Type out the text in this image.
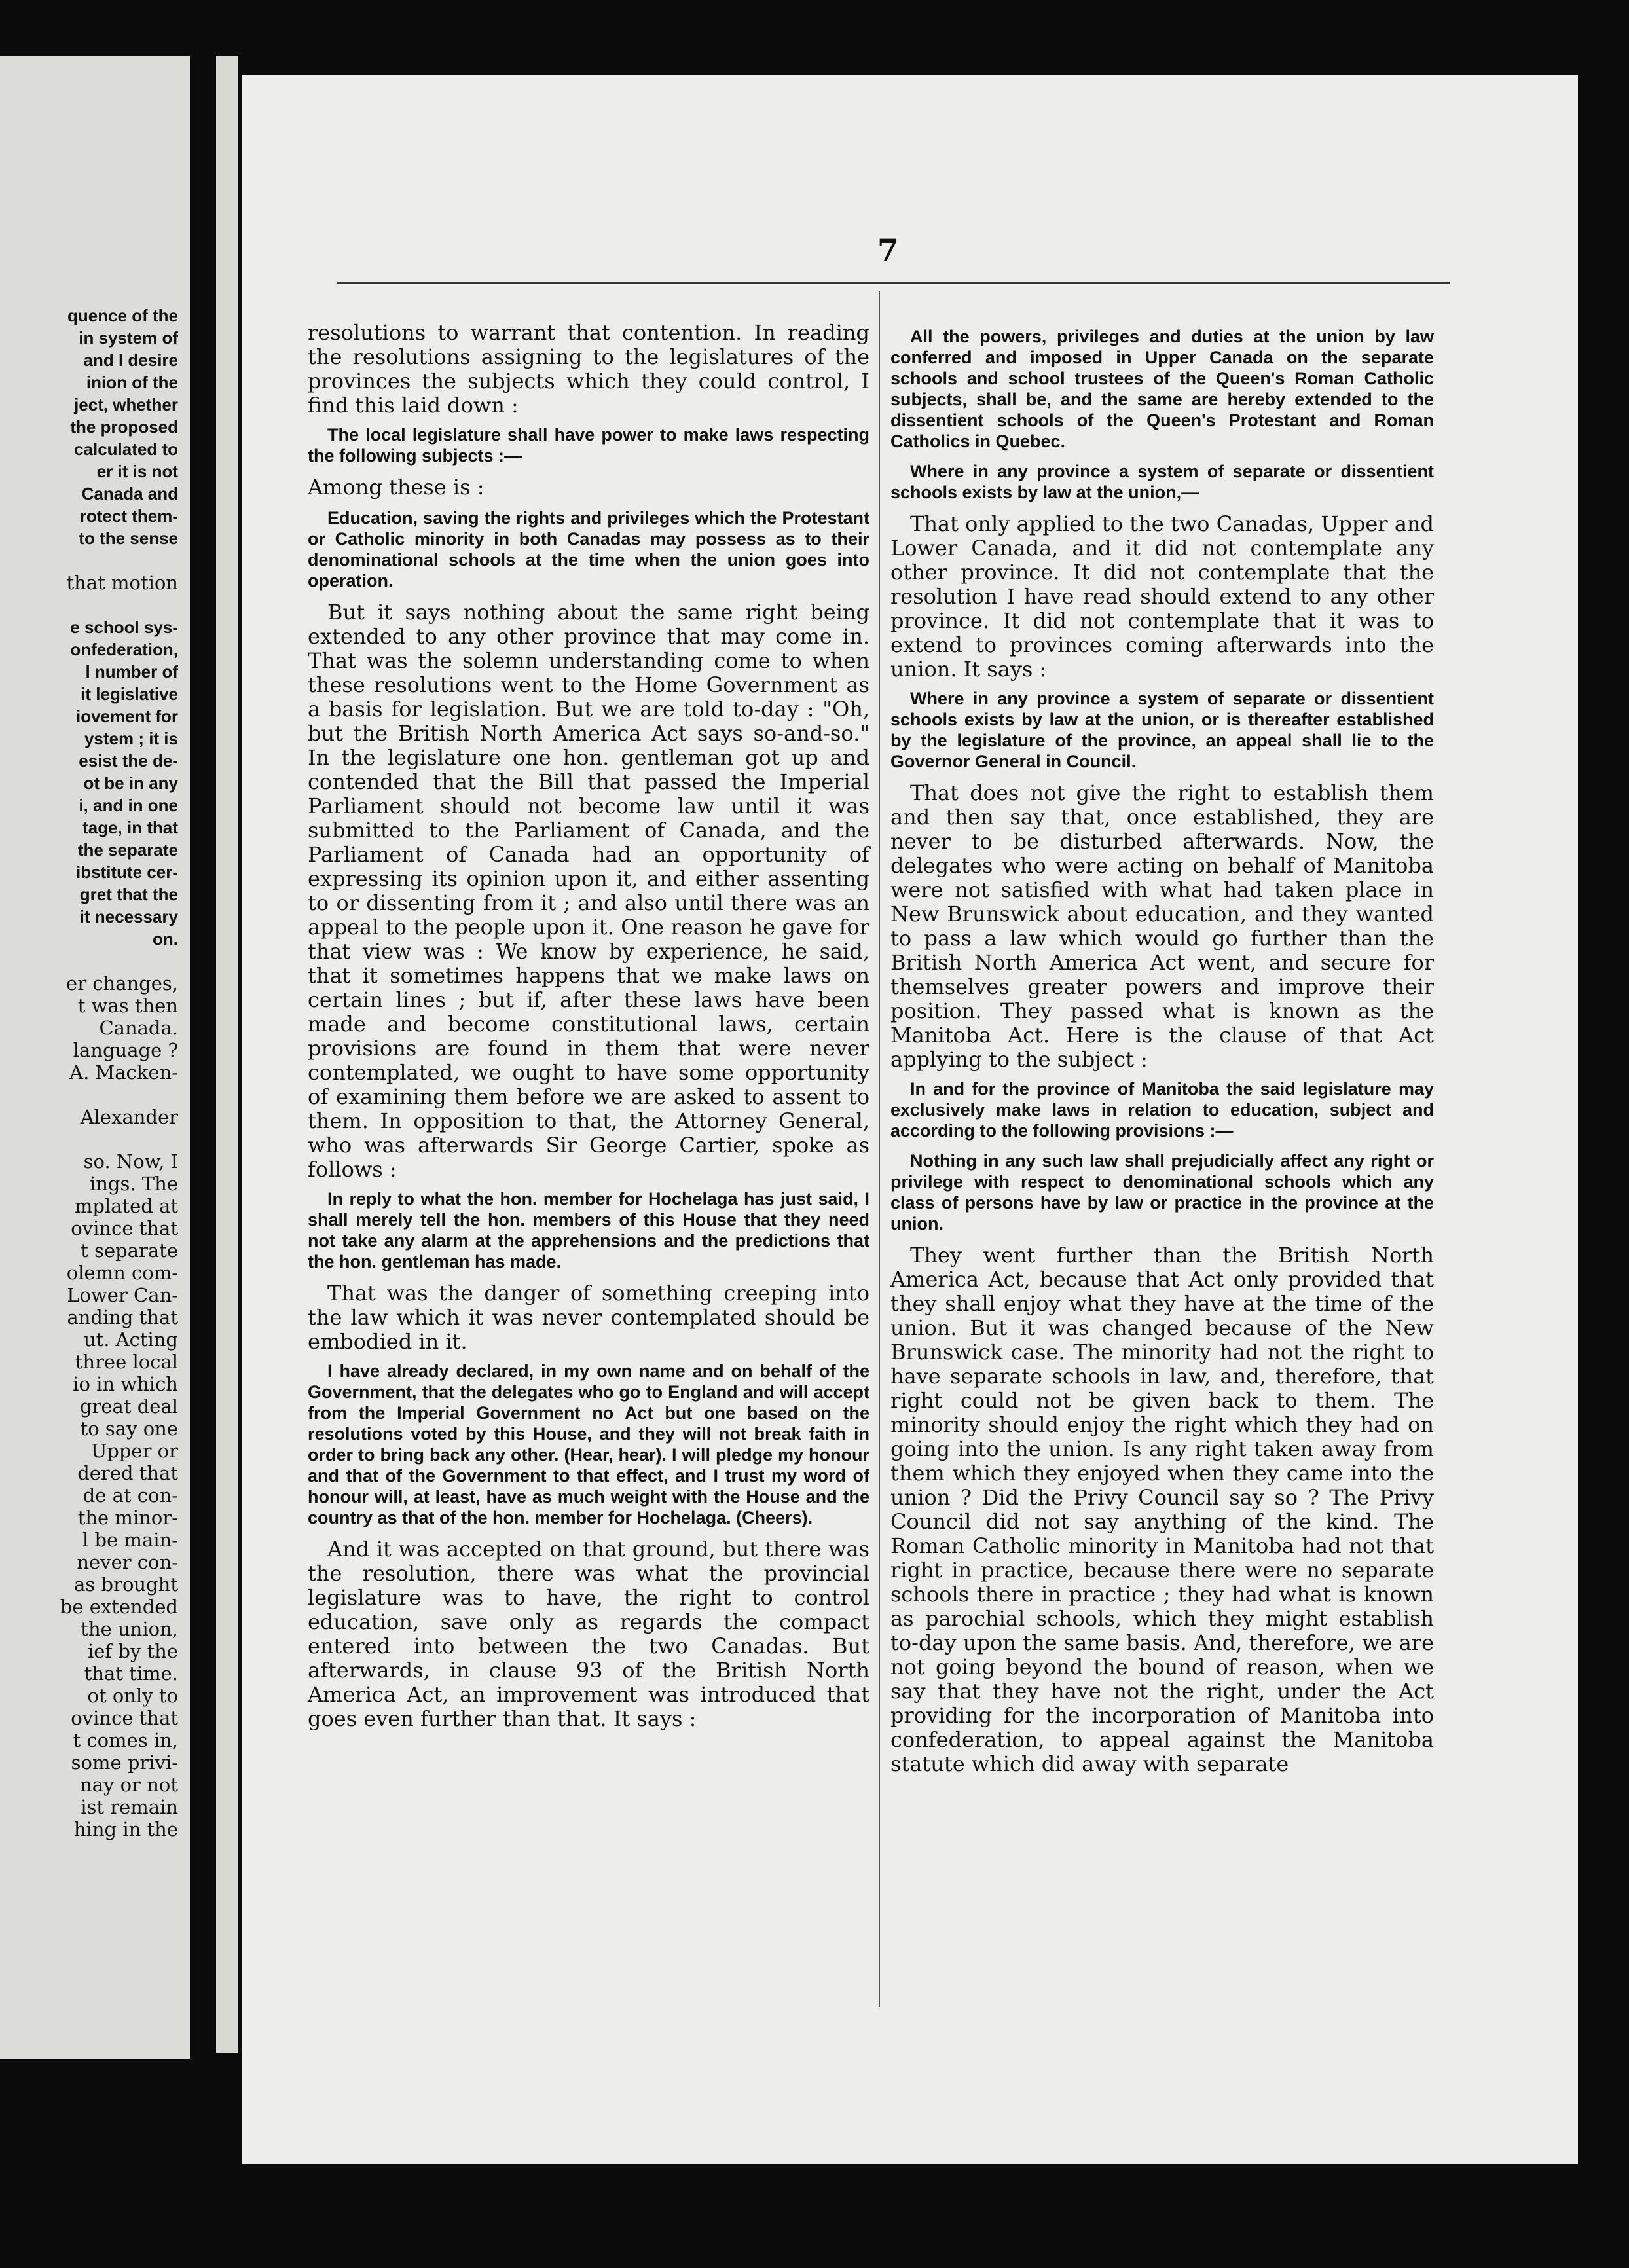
quence of the
in system of
and I desire
inion of the
ject, whether
the proposed
calculated to
er it is not
Canada and
rotect them-
to the sense

that motion

e school sys-
onfederation,
l number of
it legislative
iovement for
ystem ; it is
esist the de-
ot be in any
i, and in one
tage, in that
the separate
ibstitute cer-
gret that the
it necessary
on.

er changes,
t was then
Canada.
language ?
A. Macken-

Alexander

so. Now, I
ings. The
mplated at
ovince that
t separate
olemn com-
Lower Can-
anding that
ut. Acting
three local
io in which
great deal
to say one
Upper or
dered that
de at con-
the minor-
l be main-
never con-
as brought
be extended
the union,
ief by the
that time.
ot only to
ovince that
t comes in,
some privi-
nay or not
ist remain
hing in the
7
resolutions to warrant that contention. In reading the resolutions assigning to the legislatures of the provinces the subjects which they could control, I find this laid down :
The local legislature shall have power to make laws respecting the following subjects :—
Among these is :
Education, saving the rights and privileges which the Protestant or Catholic minority in both Canadas may possess as to their denominational schools at the time when the union goes into operation.
But it says nothing about the same right being extended to any other province that may come in. That was the solemn understanding come to when these resolutions went to the Home Government as a basis for legislation. But we are told to-day : "Oh, but the British North America Act says so-and-so." In the legislature one hon. gentleman got up and contended that the Bill that passed the Imperial Parliament should not become law until it was submitted to the Parliament of Canada, and the Parliament of Canada had an opportunity of expressing its opinion upon it, and either assenting to or dissenting from it ; and also until there was an appeal to the people upon it. One reason he gave for that view was : We know by experience, he said, that it sometimes happens that we make laws on certain lines ; but if, after these laws have been made and become constitutional laws, certain provisions are found in them that were never contemplated, we ought to have some opportunity of examining them before we are asked to assent to them. In opposition to that, the Attorney General, who was afterwards Sir George Cartier, spoke as follows :
In reply to what the hon. member for Hochelaga has just said, I shall merely tell the hon. members of this House that they need not take any alarm at the apprehensions and the predictions that the hon. gentleman has made.
That was the danger of something creeping into the law which it was never contemplated should be embodied in it.
I have already declared, in my own name and on behalf of the Government, that the delegates who go to England and will accept from the Imperial Government no Act but one based on the resolutions voted by this House, and they will not break faith in order to bring back any other. (Hear, hear). I will pledge my honour and that of the Government to that effect, and I trust my word of honour will, at least, have as much weight with the House and the country as that of the hon. member for Hochelaga. (Cheers).
And it was accepted on that ground, but there was the resolution, there was what the provincial legislature was to have, the right to control education, save only as regards the compact entered into between the two Canadas. But afterwards, in clause 93 of the British North America Act, an improvement was introduced that goes even further than that. It says :
All the powers, privileges and duties at the union by law conferred and imposed in Upper Canada on the separate schools and school trustees of the Queen's Roman Catholic subjects, shall be, and the same are hereby extended to the dissentient schools of the Queen's Protestant and Roman Catholics in Quebec.
Where in any province a system of separate or dissentient schools exists by law at the union,—
That only applied to the two Canadas, Upper and Lower Canada, and it did not contemplate any other province. It did not contemplate that the resolution I have read should extend to any other province. It did not contemplate that it was to extend to provinces coming afterwards into the union. It says :
Where in any province a system of separate or dissentient schools exists by law at the union, or is thereafter established by the legislature of the province, an appeal shall lie to the Governor General in Council.
That does not give the right to establish them and then say that, once established, they are never to be disturbed afterwards. Now, the delegates who were acting on behalf of Manitoba were not satisfied with what had taken place in New Brunswick about education, and they wanted to pass a law which would go further than the British North America Act went, and secure for themselves greater powers and improve their position. They passed what is known as the Manitoba Act. Here is the clause of that Act applying to the subject :
In and for the province of Manitoba the said legislature may exclusively make laws in relation to education, subject and according to the following provisions :—
Nothing in any such law shall prejudicially affect any right or privilege with respect to denominational schools which any class of persons have by law or practice in the province at the union.
They went further than the British North America Act, because that Act only provided that they shall enjoy what they have at the time of the union. But it was changed because of the New Brunswick case. The minority had not the right to have separate schools in law, and, therefore, that right could not be given back to them. The minority should enjoy the right which they had on going into the union. Is any right taken away from them which they enjoyed when they came into the union ? Did the Privy Council say so ? The Privy Council did not say anything of the kind. The Roman Catholic minority in Manitoba had not that right in practice, because there were no separate schools there in practice ; they had what is known as parochial schools, which they might establish to-day upon the same basis. And, therefore, we are not going beyond the bound of reason, when we say that they have not the right, under the Act providing for the incorporation of Manitoba into confederation, to appeal against the Manitoba statute which did away with separate
